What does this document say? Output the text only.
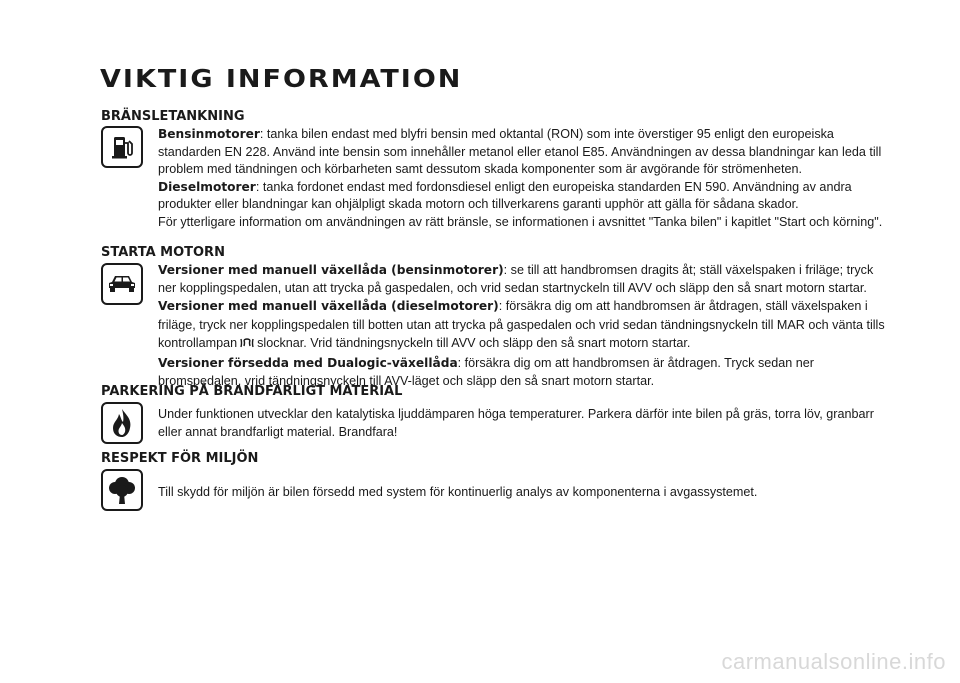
VIKTIG INFORMATION
BRÄNSLETANKNING

Bensinmotorer: tanka bilen endast med blyfri bensin med oktantal (RON) som inte överstiger 95 enligt den europeiska standarden EN 228. Använd inte bensin som innehåller metanol eller etanol E85. Användningen av dessa blandningar kan leda till problem med tändningen och körbarheten samt dessutom skada komponenter som är avgörande för strömenheten.

Dieselmotorer: tanka fordonet endast med fordonsdiesel enligt den europeiska standarden EN 590. Användning av andra produkter eller blandningar kan ohjälpligt skada motorn och tillverkarens garanti upphör att gälla för sådana skador.

För ytterligare information om användningen av rätt bränsle, se informationen i avsnittet "Tanka bilen" i kapitlet "Start och körning".

STARTA MOTORN

Versioner med manuell växellåda (bensinmotorer): se till att handbromsen dragits åt; ställ växelspaken i friläge; tryck ner kopplingspedalen, utan att trycka på gaspedalen, och vrid sedan startnyckeln till AVV och släpp den så snart motorn startar.

Versioner med manuell växellåda (dieselmotorer): försäkra dig om att handbromsen är åtdragen, ställ växelspaken i friläge, tryck ner kopplingspedalen till botten utan att trycka på gaspedalen och vrid sedan tändningsnyckeln till MAR och vänta tills kontrollampan slocknar. Vrid tändningsnyckeln till AVV och släpp den så snart motorn startar.

Versioner försedda med Dualogic-växellåda: försäkra dig om att handbromsen är åtdragen. Tryck sedan ner bromspedalen, vrid tändningsnyckeln till AVV-läget och släpp den så snart motorn startar.

PARKERING PÅ BRANDFARLIGT MATERIAL

Under funktionen utvecklar den katalytiska ljuddämparen höga temperaturer. Parkera därför inte bilen på gräs, torra löv, granbarr eller annat brandfarligt material. Brandfara!

RESPEKT FÖR MILJÖN

Till skydd för miljön är bilen försedd med system för kontinuerlig analys av komponenterna i avgassystemet.

carmanualsonline.info
